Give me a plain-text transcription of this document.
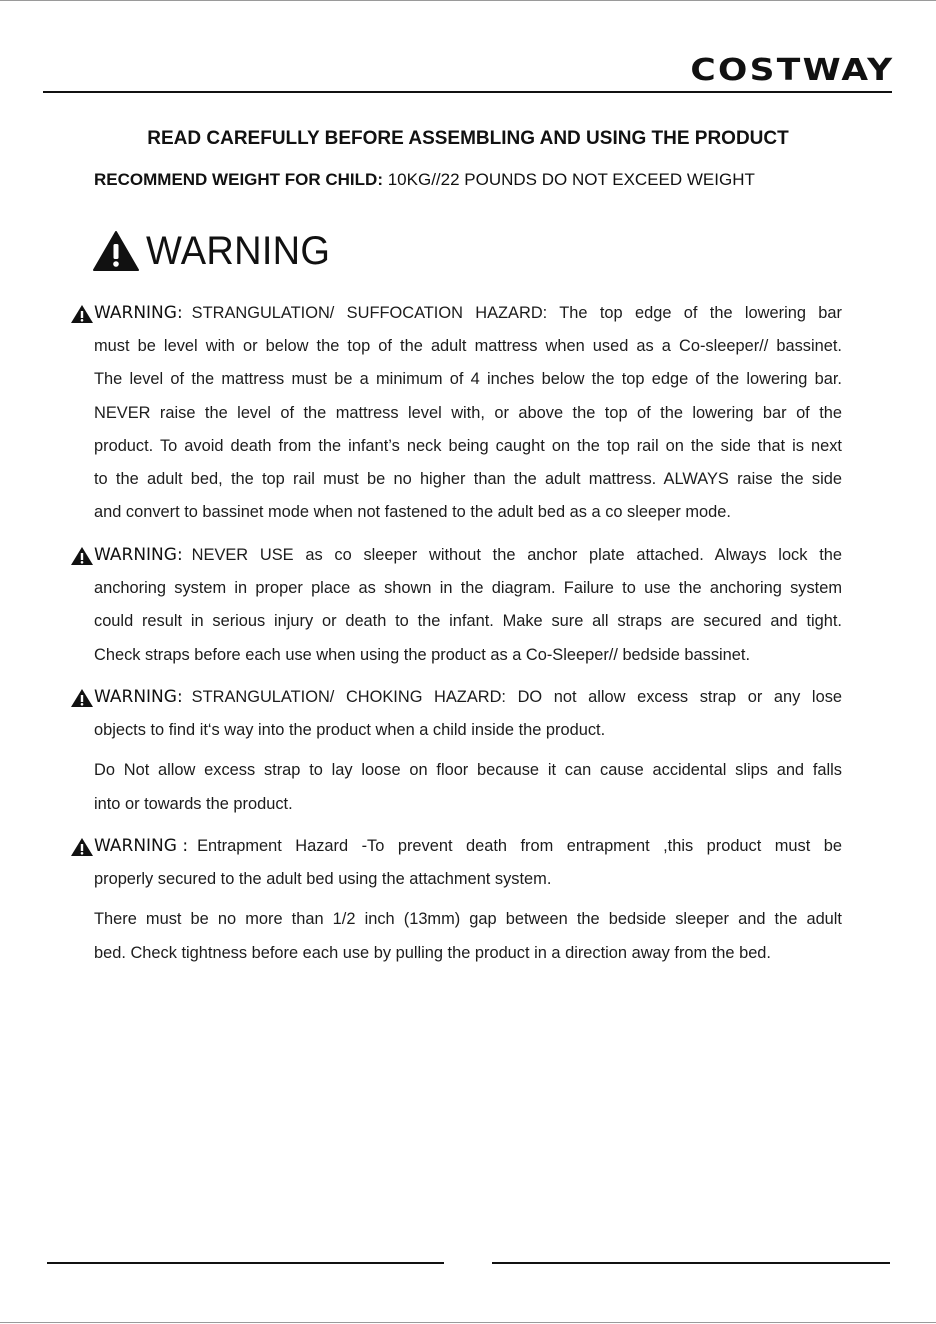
COSTWAY
READ CAREFULLY BEFORE ASSEMBLING AND USING THE PRODUCT
RECOMMEND WEIGHT FOR CHILD: 10KG//22 POUNDS DO NOT EXCEED WEIGHT
WARNING
WARNING: STRANGULATION/ SUFFOCATION HAZARD: The top edge of the lowering bar
must be level with or below the top of the adult mattress when used as a Co-sleeper// bassinet.
The level of the mattress must be a minimum of 4 inches below the top edge of the lowering bar.
NEVER raise the level of the mattress level with, or above the top of the lowering bar of the
product. To avoid death from the infant’s neck being caught on the top rail on the side that is next
to the adult bed, the top rail must be no higher than the adult mattress. ALWAYS raise the side
and convert to bassinet mode when not fastened to the adult bed as a co sleeper mode.
WARNING: NEVER USE as co sleeper without the anchor plate attached. Always lock the
anchoring system in proper place as shown in the diagram. Failure to use the anchoring system
could result in serious injury or death to the infant. Make sure all straps are secured and tight.
Check straps before each use when using the product as a Co-Sleeper// bedside bassinet.
WARNING: STRANGULATION/ CHOKING HAZARD: DO not allow excess strap or any lose
objects to find it‘s way into the product when a child inside the product.
Do Not allow excess strap to lay loose on floor because it can cause accidental slips and falls
into or towards the product.
WARNING : Entrapment Hazard -To prevent death from entrapment ,this product must be
properly secured to the adult bed using the attachment system.
There must be no more than 1/2 inch (13mm) gap between the bedside sleeper and the adult
bed. Check tightness before each use by pulling the product in a direction away from the bed.
